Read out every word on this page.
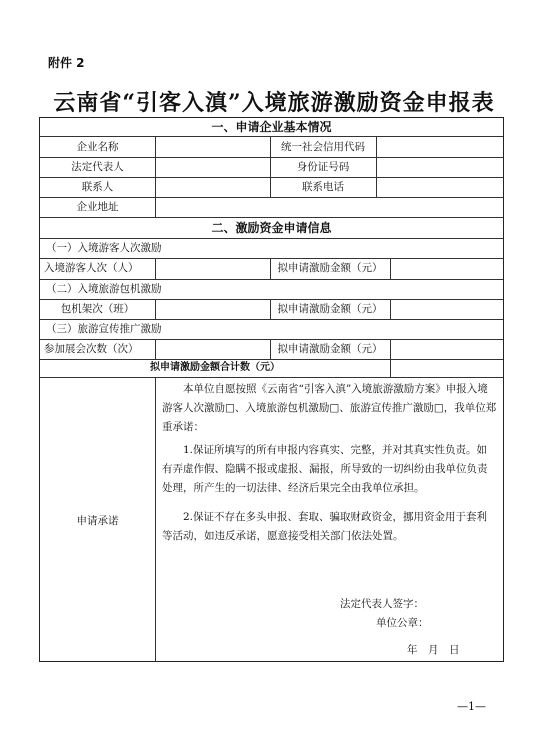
附件 2
云南省“引客入滇”入境旅游激励资金申报表
一、申请企业基本情况
企业名称	统一社会信用代码
法定代表人	身份证号码
联系人	联系电话
企业地址
二、激励资金申请信息
（一）入境游客人次激励
入境游客人次（人）	拟申请激励金额（元）
（二）入境旅游包机激励
包机架次（班）	拟申请激励金额（元）
（三）旅游宣传推广激励
参加展会次数（次）	拟申请激励金额（元）
拟申请激励金额合计数（元）
申请承诺
本单位自愿按照《云南省“引客入滇”入境旅游激励方案》申报入境游客人次激励□、入境旅游包机激励□、旅游宣传推广激励□，我单位郑重承诺：
1.保证所填写的所有申报内容真实、完整，并对其真实性负责。如有弄虚作假、隐瞒不报或虚报、漏报，所导致的一切纠纷由我单位负责处理，所产生的一切法律、经济后果完全由我单位承担。
2.保证不存在多头申报、套取、骗取财政资金，挪用资金用于套利等活动，如违反承诺，愿意接受相关部门依法处置。
法定代表人签字：
单位公章：
年　月　日
—1—
